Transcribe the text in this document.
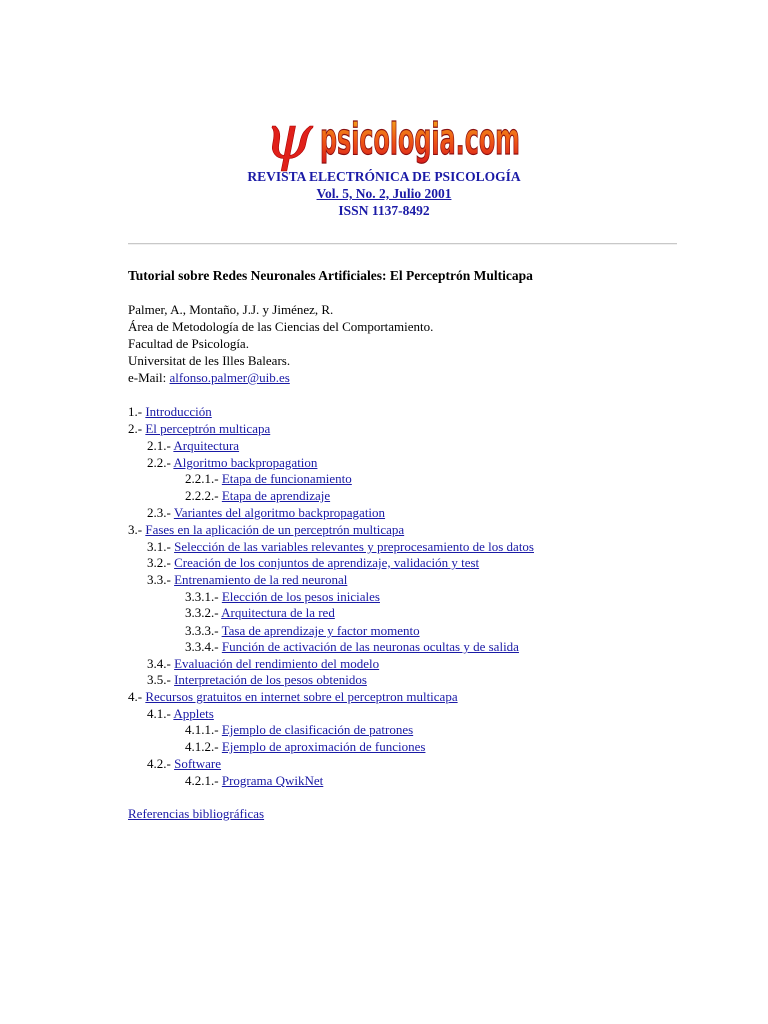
ψ psicologia.com
REVISTA ELECTRÓNICA DE PSICOLOGÍA
Vol. 5, No. 2, Julio 2001
ISSN 1137-8492
Tutorial sobre Redes Neuronales Artificiales: El Perceptrón Multicapa
Palmer, A., Montaño, J.J. y Jiménez, R.
Área de Metodología de las Ciencias del Comportamiento.
Facultad de Psicología.
Universitat de les Illes Balears.
e-Mail: alfonso.palmer@uib.es
1.- Introducción
2.- El perceptrón multicapa
2.1.- Arquitectura
2.2.- Algoritmo backpropagation
2.2.1.- Etapa de funcionamiento
2.2.2.- Etapa de aprendizaje
2.3.- Variantes del algoritmo backpropagation
3.- Fases en la aplicación de un perceptrón multicapa
3.1.- Selección de las variables relevantes y preprocesamiento de los datos
3.2.- Creación de los conjuntos de aprendizaje, validación y test
3.3.- Entrenamiento de la red neuronal
3.3.1.- Elección de los pesos iniciales
3.3.2.- Arquitectura de la red
3.3.3.- Tasa de aprendizaje y factor momento
3.3.4.- Función de activación de las neuronas ocultas y de salida
3.4.- Evaluación del rendimiento del modelo
3.5.- Interpretación de los pesos obtenidos
4.- Recursos gratuitos en internet sobre el perceptron multicapa
4.1.- Applets
4.1.1.- Ejemplo de clasificación de patrones
4.1.2.- Ejemplo de aproximación de funciones
4.2.- Software
4.2.1.- Programa QwikNet
Referencias bibliográficas
